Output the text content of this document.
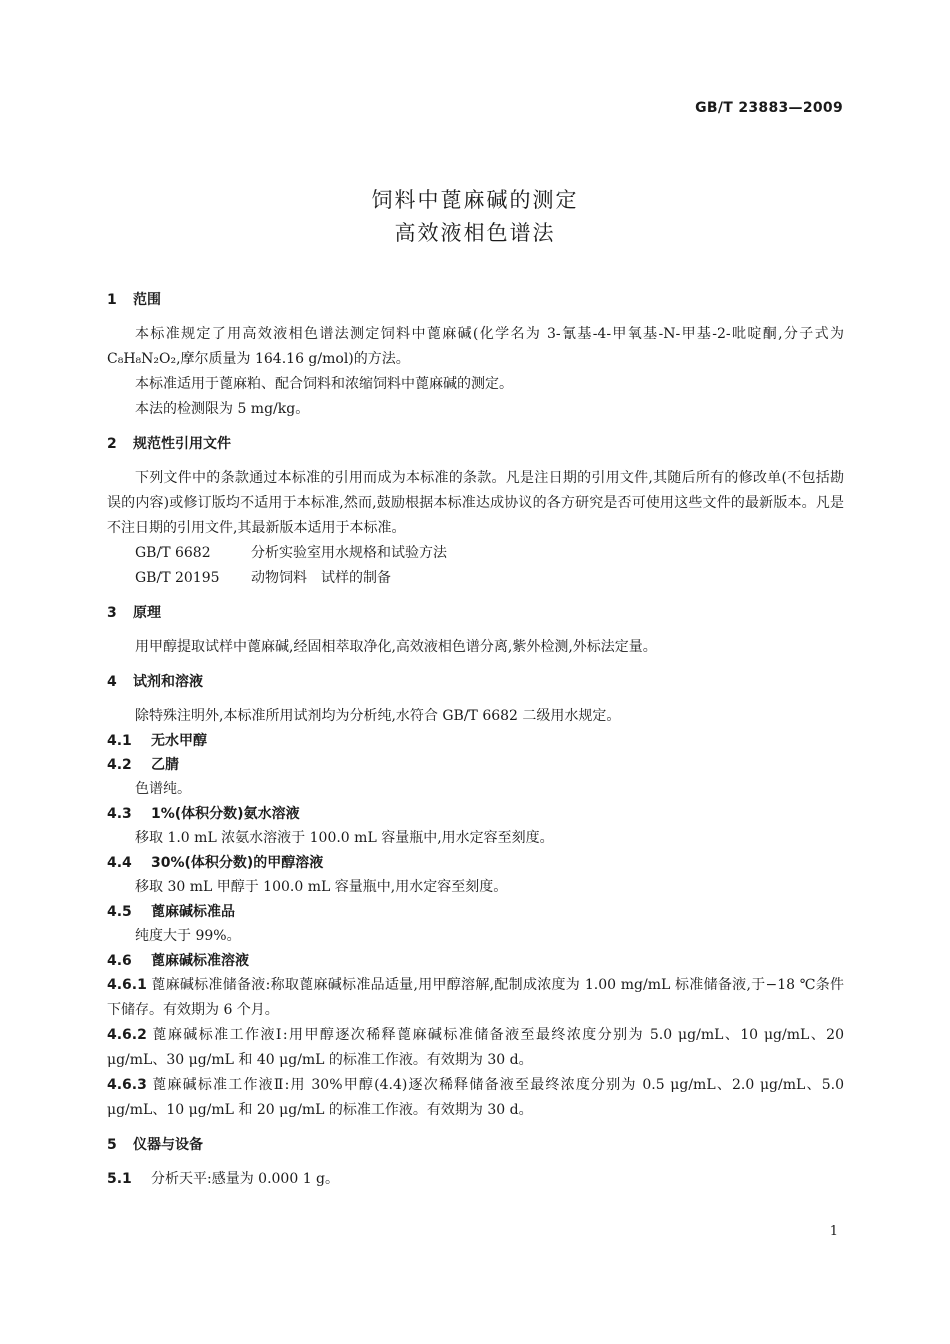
GB/T 23883—2009
饲料中蓖麻碱的测定
高效液相色谱法
1 范围
本标准规定了用高效液相色谱法测定饲料中蓖麻碱(化学名为 3-氰基-4-甲氧基-N-甲基-2-吡啶酮,分子式为 C₈H₈N₂O₂,摩尔质量为 164.16 g/mol)的方法。
本标准适用于蓖麻粕、配合饲料和浓缩饲料中蓖麻碱的测定。
本法的检测限为 5 mg/kg。
2 规范性引用文件
下列文件中的条款通过本标准的引用而成为本标准的条款。凡是注日期的引用文件,其随后所有的修改单(不包括勘误的内容)或修订版均不适用于本标准,然而,鼓励根据本标准达成协议的各方研究是否可使用这些文件的最新版本。凡是不注日期的引用文件,其最新版本适用于本标准。
GB/T 6682	分析实验室用水规格和试验方法
GB/T 20195 动物饲料　试样的制备
3 原理
用甲醇提取试样中蓖麻碱,经固相萃取净化,高效液相色谱分离,紫外检测,外标法定量。
4 试剂和溶液
除特殊注明外,本标准所用试剂均为分析纯,水符合 GB/T 6682 二级用水规定。
4.1 无水甲醇
4.2 乙腈
色谱纯。
4.3 1%(体积分数)氨水溶液
移取 1.0 mL 浓氨水溶液于 100.0 mL 容量瓶中,用水定容至刻度。
4.4 30%(体积分数)的甲醇溶液
移取 30 mL 甲醇于 100.0 mL 容量瓶中,用水定容至刻度。
4.5 蓖麻碱标准品
纯度大于 99%。
4.6 蓖麻碱标准溶液
4.6.1 蓖麻碱标准储备液:称取蓖麻碱标准品适量,用甲醇溶解,配制成浓度为 1.00 mg/mL 标准储备液,于−18 ℃条件下储存。有效期为 6 个月。
4.6.2 蓖麻碱标准工作液Ⅰ:用甲醇逐次稀释蓖麻碱标准储备液至最终浓度分别为 5.0 μg/mL、10 μg/mL、20 μg/mL、30 μg/mL 和 40 μg/mL 的标准工作液。有效期为 30 d。
4.6.3 蓖麻碱标准工作液Ⅱ:用 30%甲醇(4.4)逐次稀释储备液至最终浓度分别为 0.5 μg/mL、2.0 μg/mL、5.0 μg/mL、10 μg/mL 和 20 μg/mL 的标准工作液。有效期为 30 d。
5 仪器与设备
5.1 分析天平:感量为 0.000 1 g。
1
